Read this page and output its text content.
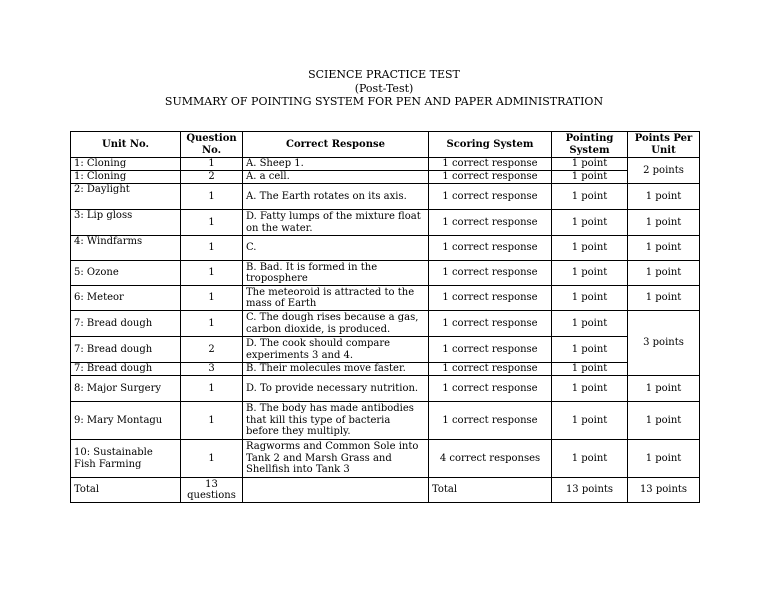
SCIENCE PRACTICE TEST
(Post-Test)
SUMMARY OF POINTING SYSTEM FOR PEN AND PAPER ADMINISTRATION
Unit No.	Question No.	Correct Response	Scoring System	Pointing System	Points Per Unit
1: Cloning	1	A. Sheep 1.	1 correct response	1 point	2 points
1: Cloning	2	A. a cell.	1 correct response	1 point	
2: Daylight	1	A. The Earth rotates on its axis.	1 correct response	1 point	1 point
3: Lip gloss	1	D. Fatty lumps of the mixture float on the water.	1 correct response	1 point	1 point
4: Windfarms	1	C.	1 correct response	1 point	1 point
5: Ozone	1	B. Bad. It is formed in the troposphere	1 correct response	1 point	1 point
6: Meteor	1	The meteoroid is attracted to the mass of Earth	1 correct response	1 point	1 point
7: Bread dough	1	C. The dough rises because a gas, carbon dioxide, is produced.	1 correct response	1 point	3 points
7: Bread dough	2	D. The cook should compare experiments 3 and 4.	1 correct response	1 point	
7: Bread dough	3	B. Their molecules move faster.	1 correct response	1 point	
8: Major Surgery	1	D. To provide necessary nutrition.	1 correct response	1 point	1 point
9: Mary Montagu	1	B. The body has made antibodies that kill this type of bacteria before they multiply.	1 correct response	1 point	1 point
10: Sustainable Fish Farming	1	Ragworms and Common Sole into Tank 2 and Marsh Grass and Shellfish into Tank 3	4 correct responses	1 point	1 point
Total	13 questions		Total	13 points	13 points
